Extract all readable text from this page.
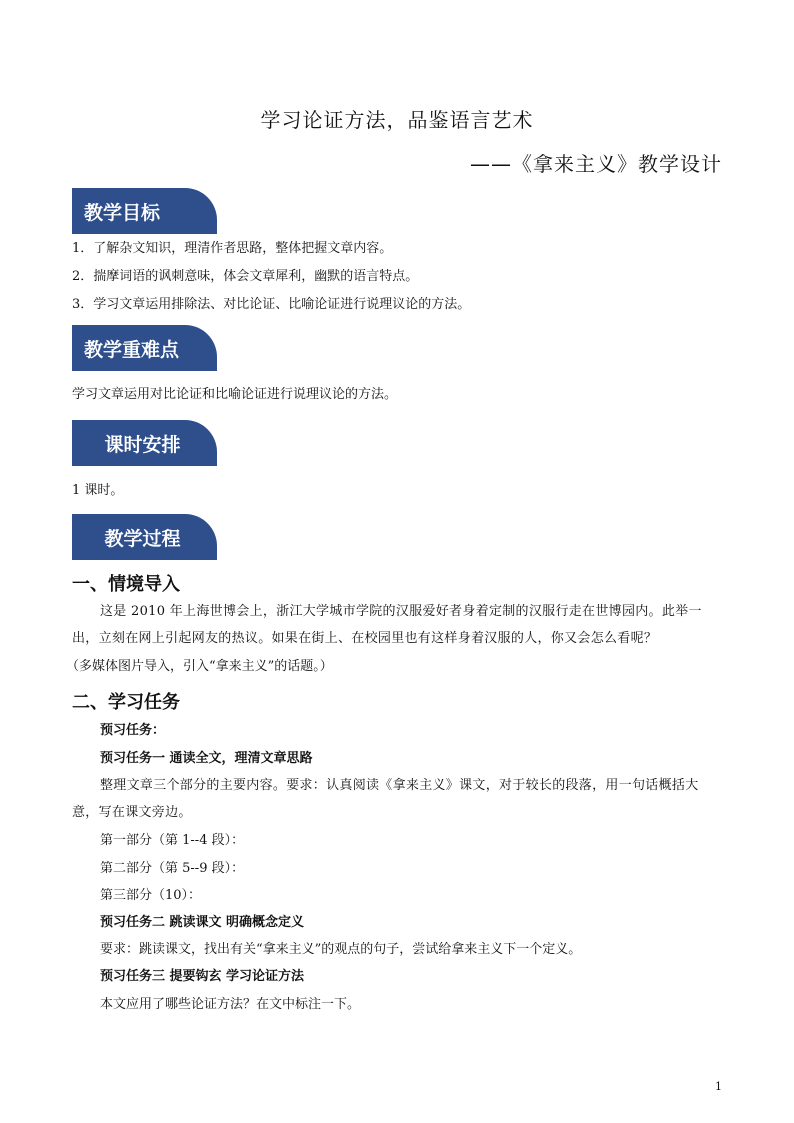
学习论证方法，品鉴语言艺术
——《拿来主义》教学设计
教学目标
1．了解杂文知识，理清作者思路，整体把握文章内容。
2．揣摩词语的讽刺意味，体会文章犀利，幽默的语言特点。
3．学习文章运用排除法、对比论证、比喻论证进行说理议论的方法。
教学重难点
学习文章运用对比论证和比喻论证进行说理议论的方法。
课时安排
1 课时。
教学过程
一、情境导入
这是 2010 年上海世博会上，浙江大学城市学院的汉服爱好者身着定制的汉服行走在世博园内。此举一出，立刻在网上引起网友的热议。如果在街上、在校园里也有这样身着汉服的人，你又会怎么看呢？
（多媒体图片导入，引入“拿来主义”的话题。）
二、学习任务
预习任务：
预习任务一 通读全文，理清文章思路
整理文章三个部分的主要内容。要求：认真阅读《拿来主义》课文，对于较长的段落，用一句话概括大意，写在课文旁边。
第一部分（第 1--4 段）：
第二部分（第 5--9 段）：
第三部分（10）：
预习任务二 跳读课文 明确概念定义
要求：跳读课文，找出有关“拿来主义”的观点的句子，尝试给拿来主义下一个定义。
预习任务三 提要钩玄 学习论证方法
本文应用了哪些论证方法？在文中标注一下。
1
